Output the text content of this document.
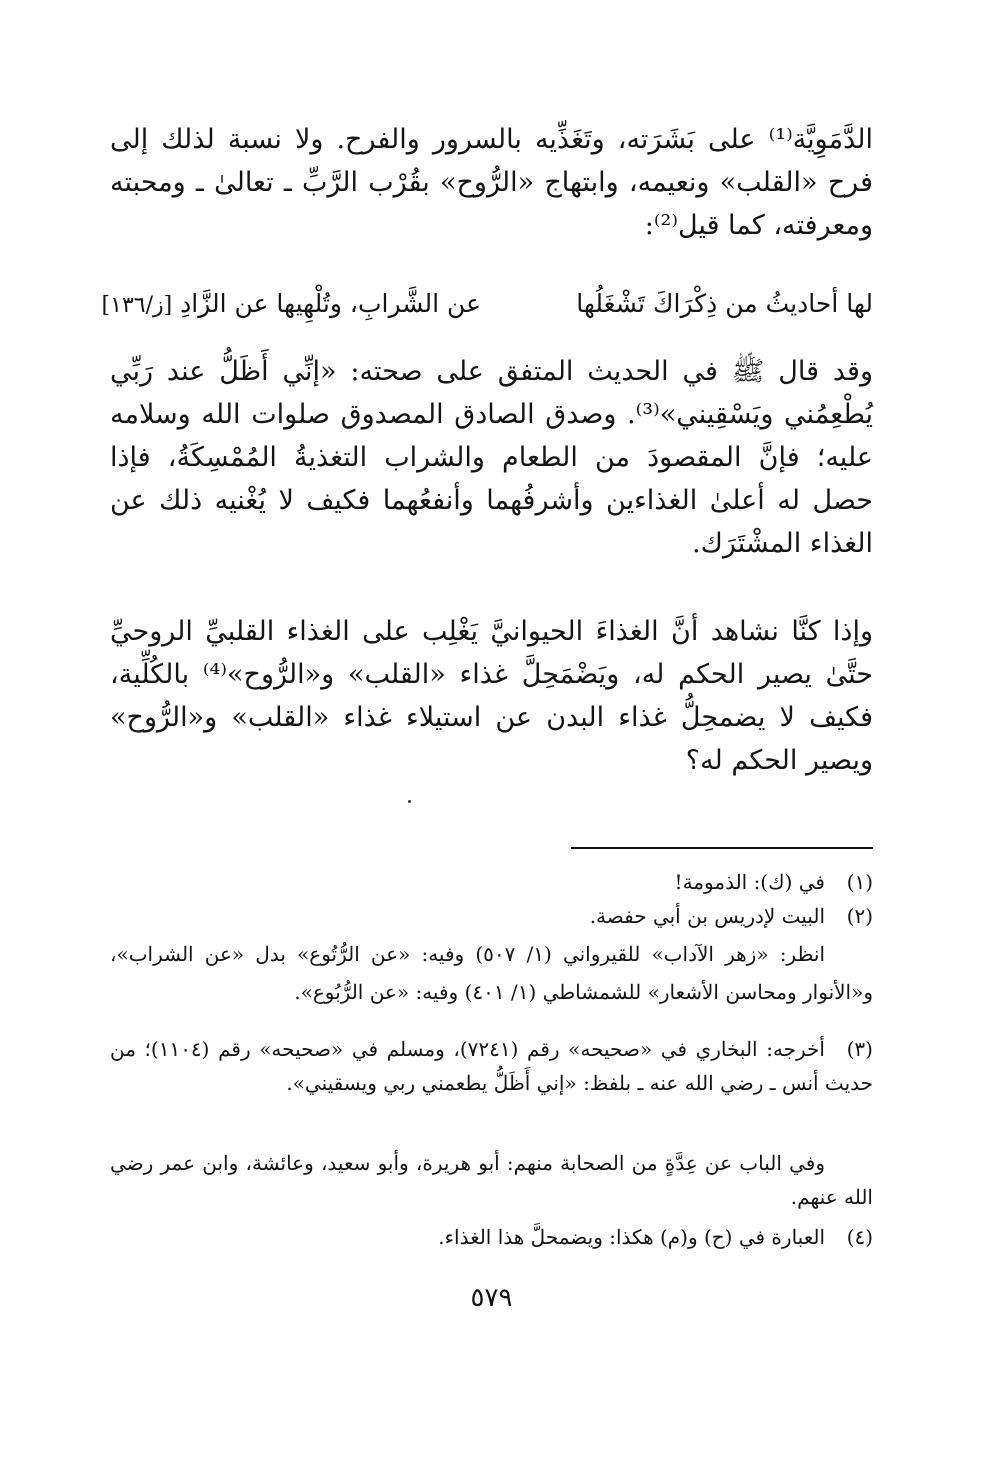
الدَّمَوِيَّة⁽¹⁾ على بَشَرَته، وتَغَذِّيه بالسرور والفرح. ولا نسبة لذلك إلى فرح «القلب» ونعيمه، وابتهاج «الرُّوح» بقُرْب الرَّبِّ ـ تعالىٰ ـ ومحبته ومعرفته، كما قيل⁽²⁾:

لها أحاديثُ من ذِكْرَاكَ تَشْغَلُها
عن الشَّرابِ، وتُلْهِيها عن الزَّادِ [ز/١٣٦]

وقد قال ﷺ في الحديث المتفق على صحته: «إنِّي أَظَلُّ عند رَبِّي يُطْعِمُني ويَسْقِيني»⁽³⁾. وصدق الصادق المصدوق صلوات الله وسلامه عليه؛ فإنَّ المقصودَ من الطعام والشراب التغذيةُ المُمْسِكَةُ، فإذا حصل له أعلىٰ الغذاءين وأشرفُهما وأنفعُهما فكيف لا يُغْنيه ذلك عن الغذاء المشْتَرَك.

وإذا كنَّا نشاهد أنَّ الغذاءَ الحيوانيَّ يَغْلِب على الغذاء القلبيِّ الروحيِّ حتَّىٰ يصير الحكم له، ويَضْمَحِلَّ غذاء «القلب» و«الرُّوح»⁽⁴⁾ بالكُلِّية، فكيف لا يضمحِلُّ غذاء البدن عن استيلاء غذاء «القلب» و«الرُّوح» ويصير الحكم له؟

(١)في (ك): الذمومة!

(٢)البيت لإدريس بن أبي حفصة.

انظر: «زهر الآداب» للقيرواني (١/ ٥٠٧) وفيه: «عن الرُّتُوع» بدل «عن الشراب»، و«الأنوار ومحاسن الأشعار» للشمشاطي (١/ ٤٠١) وفيه: «عن الرُّبُوع».

(٣)أخرجه: البخاري في «صحيحه» رقم (٧٢٤١)، ومسلم في «صحيحه» رقم (١١٠٤)؛ من حديث أنس ـ رضي الله عنه ـ بلفظ: «إني أَظَلُّ يطعمني ربي ويسقيني».

وفي الباب عن عِدَّةٍ من الصحابة منهم: أبو هريرة، وأبو سعيد، وعائشة، وابن عمر رضي الله عنهم.

(٤)العبارة في (ح) و(م) هكذا: ويضمحلَّ هذا الغذاء.

٥٧٩
